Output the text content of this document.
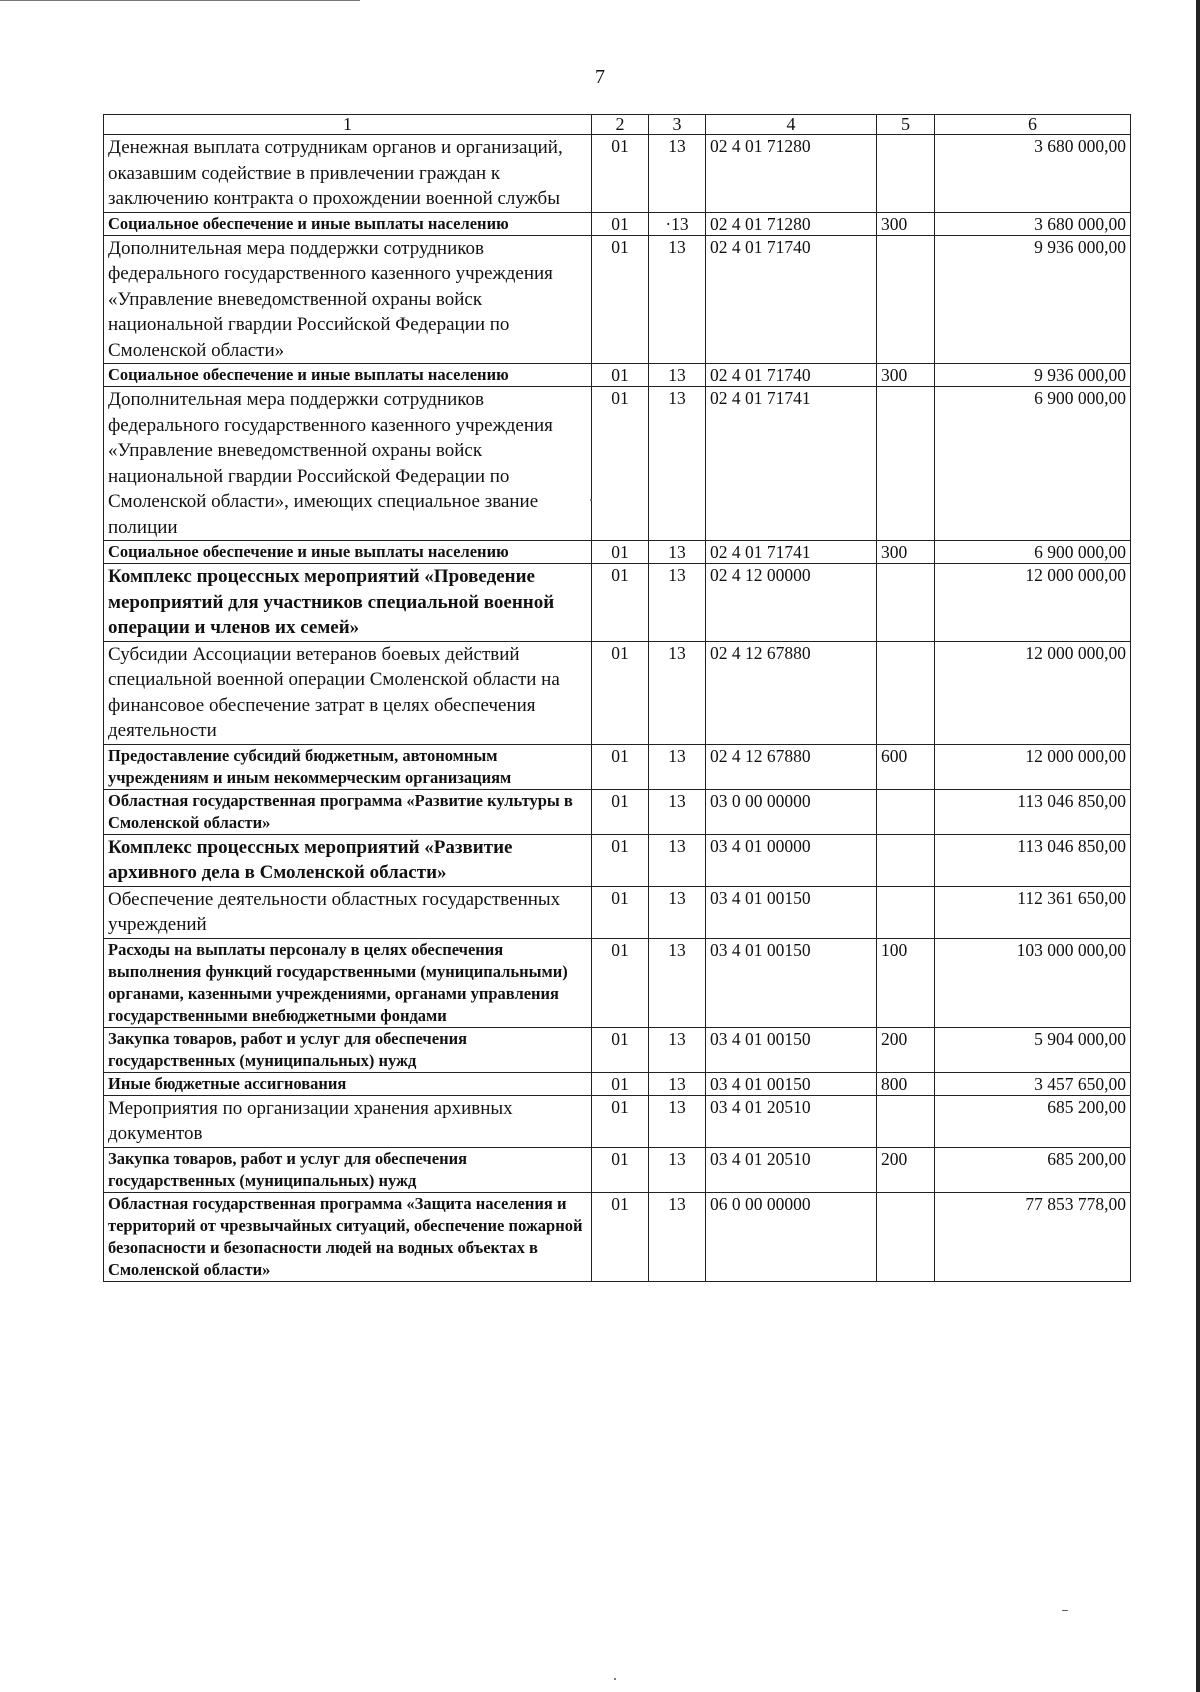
7
1	2	3	4	5	6
Денежная выплата сотрудникам органов и организаций, оказавшим содействие в привлечении граждан к заключению контракта о прохождении военной службы	01	13	02 4 01 71280		3 680 000,00
Социальное обеспечение и иные выплаты населению	01	·13	02 4 01 71280	300	3 680 000,00
Дополнительная мера поддержки сотрудников федерального государственного казенного учреждения «Управление вневедомственной охраны войск национальной гвардии Российской Федерации по Смоленской области»	01	13	02 4 01 71740		9 936 000,00
Социальное обеспечение и иные выплаты населению	01	13	02 4 01 71740	300	9 936 000,00
Дополнительная мера поддержки сотрудников федерального государственного казенного учреждения «Управление вневедомственной охраны войск национальной гвардии Российской Федерации по Смоленской области», имеющих специальное звание полиции	01	13	02 4 01 71741		6 900 000,00
Социальное обеспечение и иные выплаты населению	01	13	02 4 01 71741	300	6 900 000,00
Комплекс процессных мероприятий «Проведение мероприятий для участников специальной военной операции и членов их семей»	01	13	02 4 12 00000		12 000 000,00
Субсидии Ассоциации ветеранов боевых действий специальной военной операции Смоленской области на финансовое обеспечение затрат в целях обеспечения деятельности	01	13	02 4 12 67880		12 000 000,00
Предоставление субсидий бюджетным, автономным учреждениям и иным некоммерческим организациям	01	13	02 4 12 67880	600	12 000 000,00
Областная государственная программа «Развитие культуры в Смоленской области»	01	13	03 0 00 00000		113 046 850,00
Комплекс процессных мероприятий «Развитие архивного дела в Смоленской области»	01	13	03 4 01 00000		113 046 850,00
Обеспечение деятельности областных государственных учреждений	01	13	03 4 01 00150		112 361 650,00
Расходы на выплаты персоналу в целях обеспечения выполнения функций государственными (муниципальными) органами, казенными учреждениями, органами управления государственными внебюджетными фондами	01	13	03 4 01 00150	100	103 000 000,00
Закупка товаров, работ и услуг для обеспечения государственных (муниципальных) нужд	01	13	03 4 01 00150	200	5 904 000,00
Иные бюджетные ассигнования	01	13	03 4 01 00150	800	3 457 650,00
Мероприятия по организации хранения архивных документов	01	13	03 4 01 20510		685 200,00
Закупка товаров, работ и услуг для обеспечения государственных (муниципальных) нужд	01	13	03 4 01 20510	200	685 200,00
Областная государственная программа «Защита населения и территорий от чрезвычайных ситуаций, обеспечение пожарной безопасности и безопасности людей на водных объектах в Смоленской области»	01	13	06 0 00 00000		77 853 778,00
